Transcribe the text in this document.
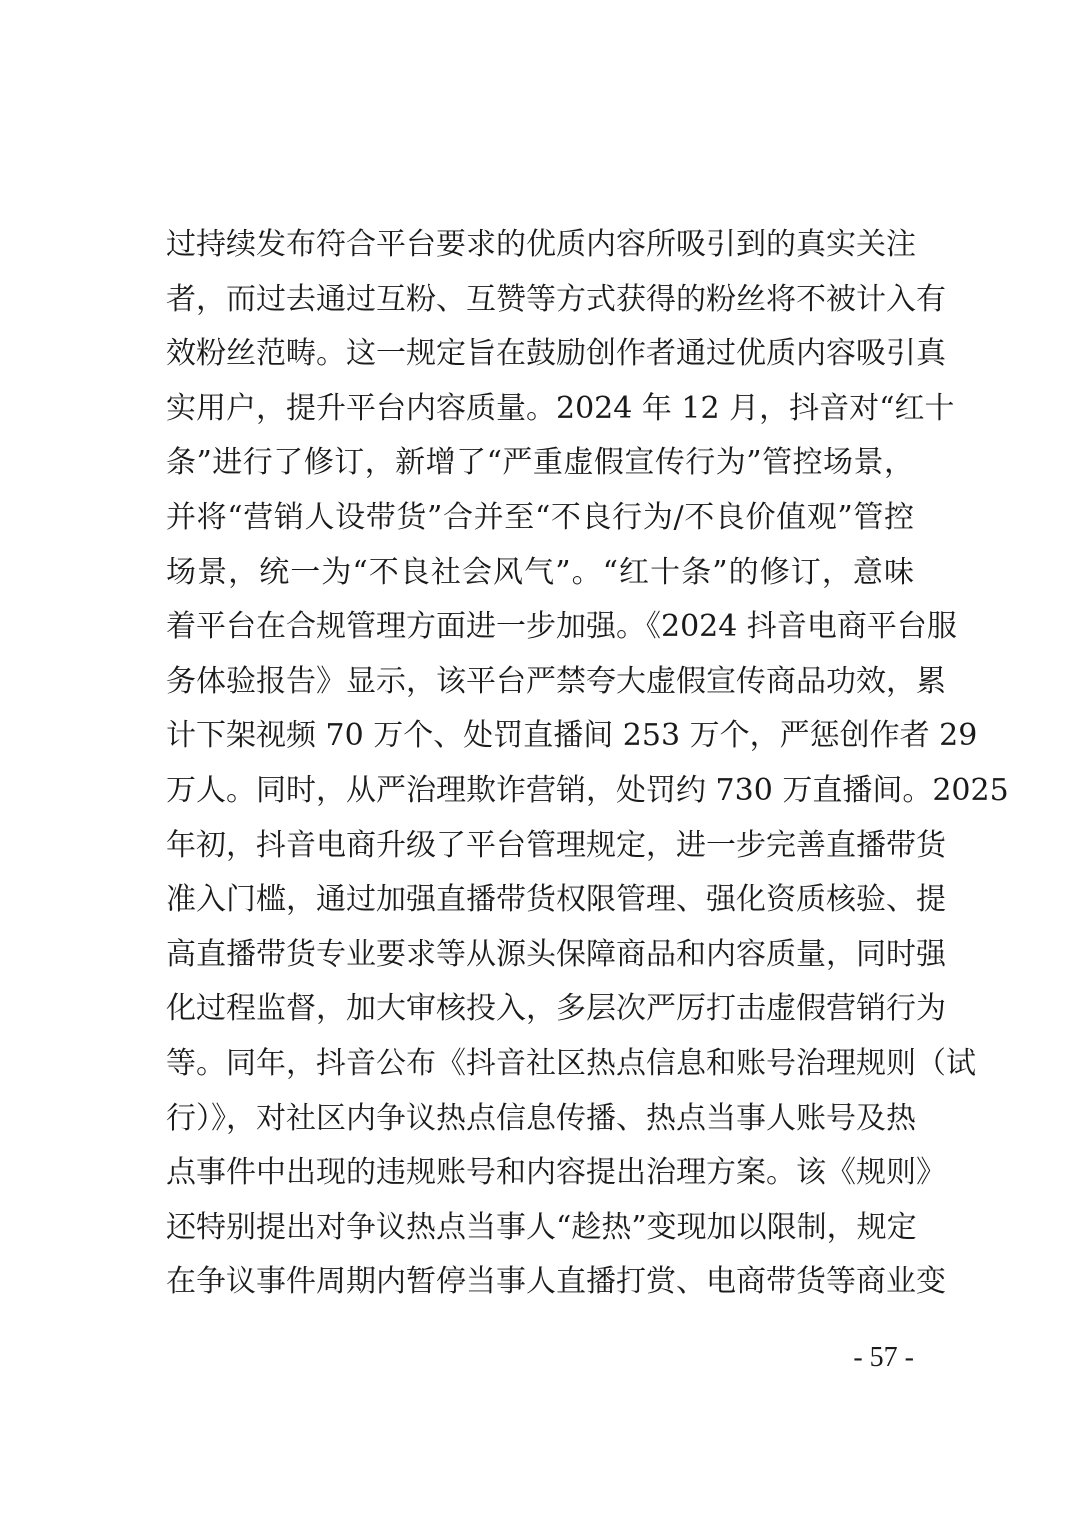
过持续发布符合平台要求的优质内容所吸引到的真实关注
者，而过去通过互粉、互赞等方式获得的粉丝将不被计入有
效粉丝范畴。这一规定旨在鼓励创作者通过优质内容吸引真
实用户，提升平台内容质量。2024 年 12 月，抖音对“红十
条”进行了修订，新增了“严重虚假宣传行为”管控场景，
并将“营销人设带货”合并至“不良行为/不良价值观”管控
场景，统一为“不良社会风气”。“红十条”的修订，意味
着平台在合规管理方面进一步加强。《2024 抖音电商平台服
务体验报告》显示，该平台严禁夸大虚假宣传商品功效，累
计下架视频 70 万个、处罚直播间 253 万个，严惩创作者 29
万人。同时，从严治理欺诈营销，处罚约 730 万直播间。2025
年初，抖音电商升级了平台管理规定，进一步完善直播带货
准入门槛，通过加强直播带货权限管理、强化资质核验、提
高直播带货专业要求等从源头保障商品和内容质量，同时强
化过程监督，加大审核投入，多层次严厉打击虚假营销行为
等。同年，抖音公布《抖音社区热点信息和账号治理规则（试
行）》，对社区内争议热点信息传播、热点当事人账号及热
点事件中出现的违规账号和内容提出治理方案。该《规则》
还特别提出对争议热点当事人“趁热”变现加以限制，规定
在争议事件周期内暂停当事人直播打赏、电商带货等商业变
- 57 -
